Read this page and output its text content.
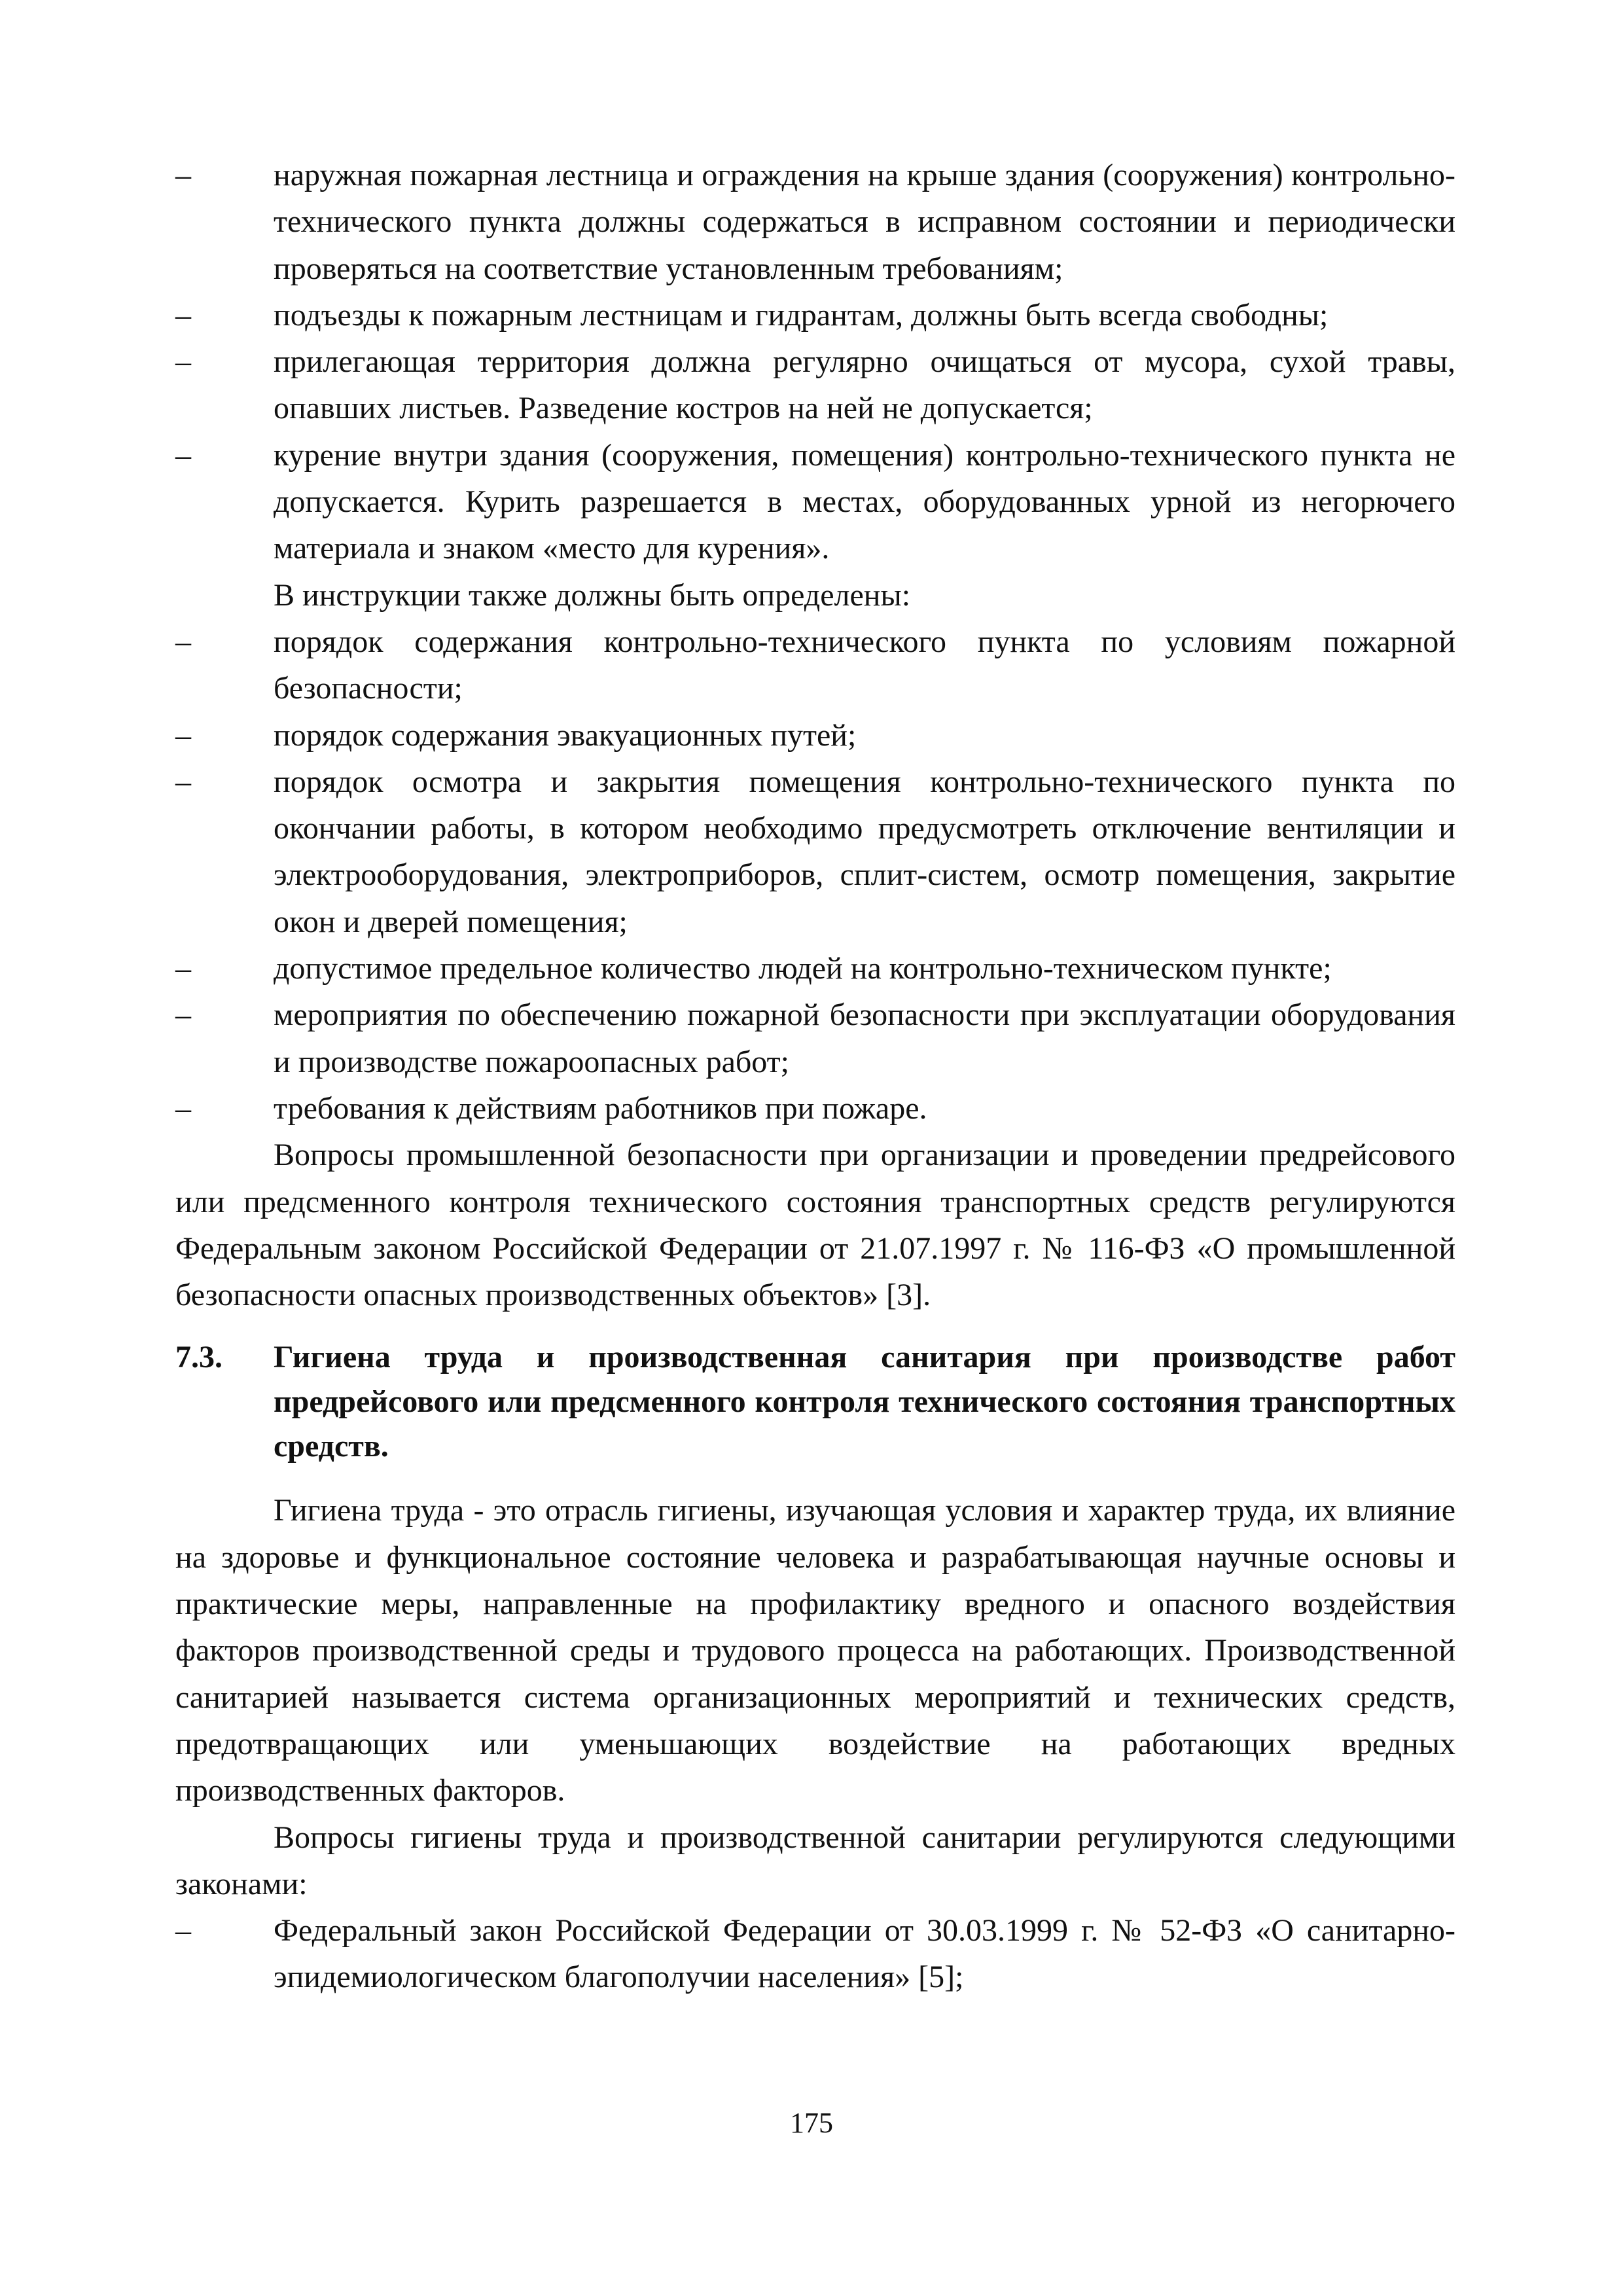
–	наружная пожарная лестница и ограждения на крыше здания (сооружения) контрольно-технического пункта должны содержаться в исправном состоянии и периодически проверяться на соответствие установленным требованиям;
–	подъезды к пожарным лестницам и гидрантам, должны быть всегда свободны;
–	прилегающая территория должна регулярно очищаться от мусора, сухой травы, опавших листьев. Разведение костров на ней не допускается;
–	курение внутри здания (сооружения, помещения) контрольно-технического пункта не допускается. Курить разрешается в местах, оборудованных урной из негорючего материала и знаком «место для курения».
В инструкции также должны быть определены:
–	порядок содержания контрольно-технического пункта по условиям пожарной безопасности;
–	порядок содержания эвакуационных путей;
–	порядок осмотра и закрытия помещения контрольно-технического пункта по окончании работы, в котором необходимо предусмотреть отключение вентиляции и электрооборудования, электроприборов, сплит-систем, осмотр помещения, закрытие окон и дверей помещения;
–	допустимое предельное количество людей на контрольно-техническом пункте;
–	мероприятия по обеспечению пожарной безопасности при эксплуатации оборудования и производстве пожароопасных работ;
–	требования к действиям работников при пожаре.
Вопросы промышленной безопасности при организации и проведении предрейсового или предсменного контроля технического состояния транспортных средств регулируются Федеральным законом Российской Федерации от 21.07.1997 г. № 116-ФЗ «О промышленной безопасности опасных производственных объектов» [3].
7.3. Гигиена труда и производственная санитария при производстве работ предрейсового или предсменного контроля технического состояния транспортных средств.
Гигиена труда - это отрасль гигиены, изучающая условия и характер труда, их влияние на здоровье и функциональное состояние человека и разрабатывающая научные основы и практические меры, направленные на профилактику вредного и опасного воздействия факторов производственной среды и трудового процесса на работающих. Производственной санитарией называется система организационных мероприятий и технических средств, предотвращающих или уменьшающих воздействие на работающих вредных производственных факторов.
Вопросы гигиены труда и производственной санитарии регулируются следующими законами:
–	Федеральный закон Российской Федерации от 30.03.1999 г. № 52-ФЗ «О санитарно-эпидемиологическом благополучии населения» [5];
175
